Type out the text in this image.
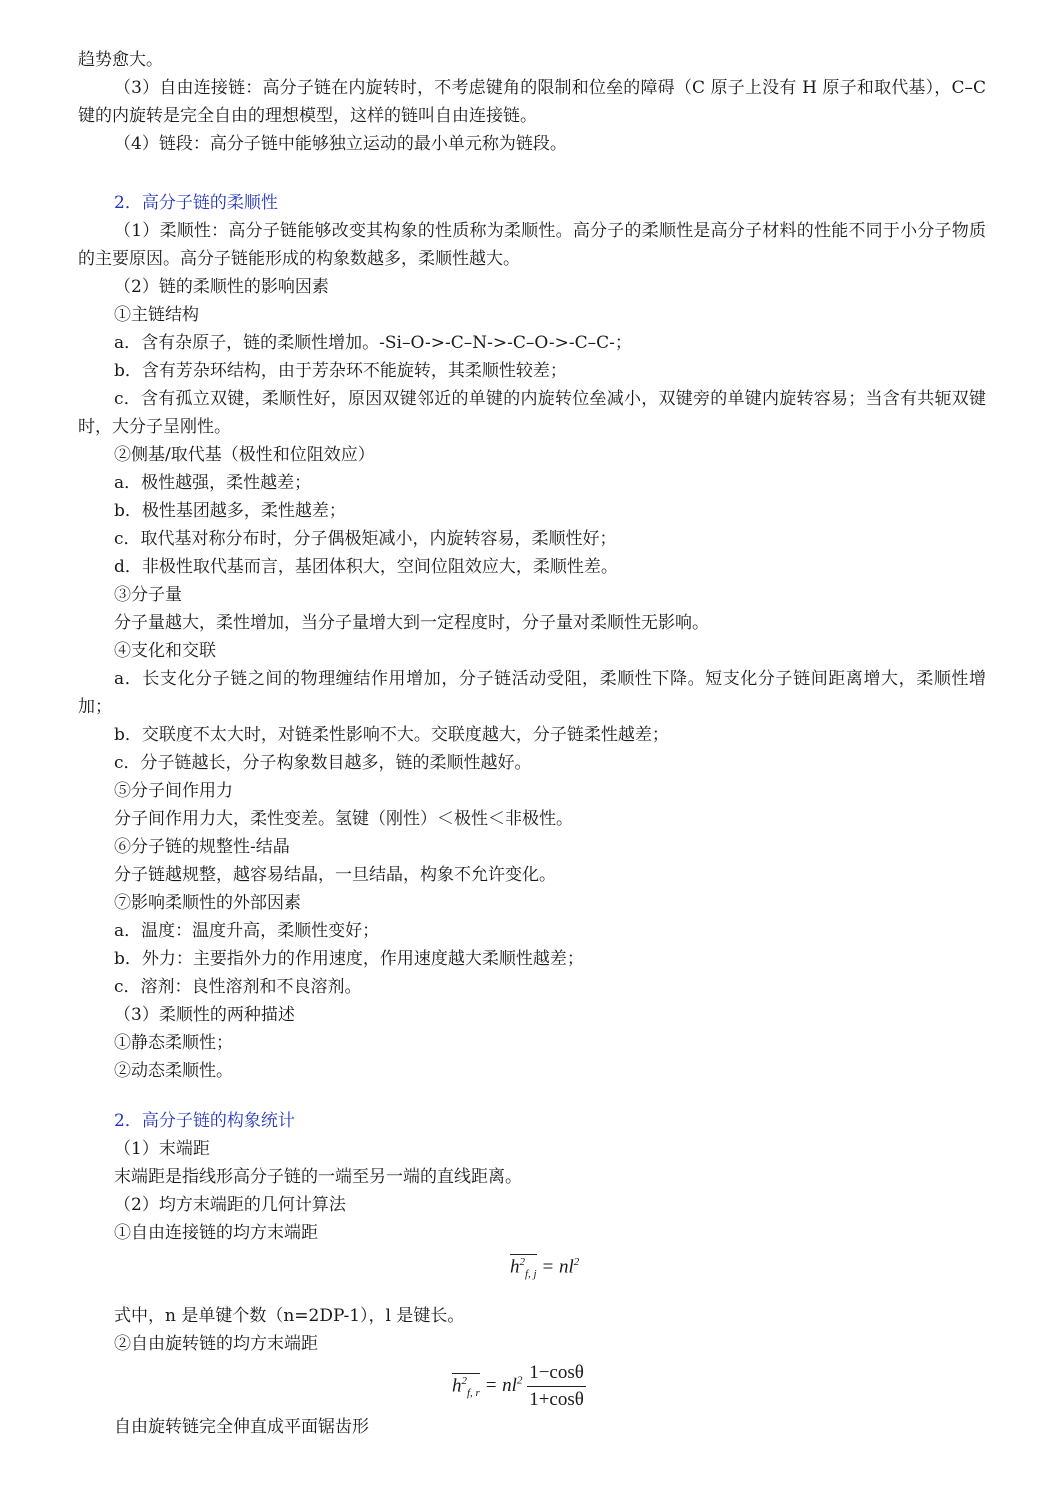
趋势愈大。
（3）自由连接链：高分子链在内旋转时，不考虑键角的限制和位垒的障碍（C 原子上没有 H 原子和取代基），C–C 键的内旋转是完全自由的理想模型，这样的链叫自由连接链。
（4）链段：高分子链中能够独立运动的最小单元称为链段。
2．高分子链的柔顺性
（1）柔顺性：高分子链能够改变其构象的性质称为柔顺性。高分子的柔顺性是高分子材料的性能不同于小分子物质的主要原因。高分子链能形成的构象数越多，柔顺性越大。
（2）链的柔顺性的影响因素
①主链结构
a．含有杂原子，链的柔顺性增加。-Si–O->-C–N->-C–O->-C–C-；
b．含有芳杂环结构，由于芳杂环不能旋转，其柔顺性较差；
c．含有孤立双键，柔顺性好，原因双键邻近的单键的内旋转位垒减小，双键旁的单键内旋转容易；当含有共轭双键时，大分子呈刚性。
②侧基/取代基（极性和位阻效应）
a．极性越强，柔性越差；
b．极性基团越多，柔性越差；
c．取代基对称分布时，分子偶极矩减小，内旋转容易，柔顺性好；
d．非极性取代基而言，基团体积大，空间位阻效应大，柔顺性差。
③分子量
分子量越大，柔性增加，当分子量增大到一定程度时，分子量对柔顺性无影响。
④支化和交联
a．长支化分子链之间的物理缠结作用增加，分子链活动受阻，柔顺性下降。短支化分子链间距离增大，柔顺性增加；
b．交联度不太大时，对链柔性影响不大。交联度越大，分子链柔性越差；
c．分子链越长，分子构象数目越多，链的柔顺性越好。
⑤分子间作用力
分子间作用力大，柔性变差。氢键（刚性）＜极性＜非极性。
⑥分子链的规整性-结晶
分子链越规整，越容易结晶，一旦结晶，构象不允许变化。
⑦影响柔顺性的外部因素
a．温度：温度升高，柔顺性变好；
b．外力：主要指外力的作用速度，作用速度越大柔顺性越差；
c．溶剂：良性溶剂和不良溶剂。
（3）柔顺性的两种描述
①静态柔顺性；
②动态柔顺性。
2．高分子链的构象统计
（1）末端距
末端距是指线形高分子链的一端至另一端的直线距离。
（2）均方末端距的几何计算法
①自由连接链的均方末端距
$h^2_{f, j} = nl^2$
式中，n 是单键个数（n=2DP-1），l 是键长。
②自由旋转链的均方末端距
$h^2_{f, r} = nl^2 \frac{1-\cos\theta}{1+\cos\theta}$
自由旋转链完全伸直成平面锯齿形
